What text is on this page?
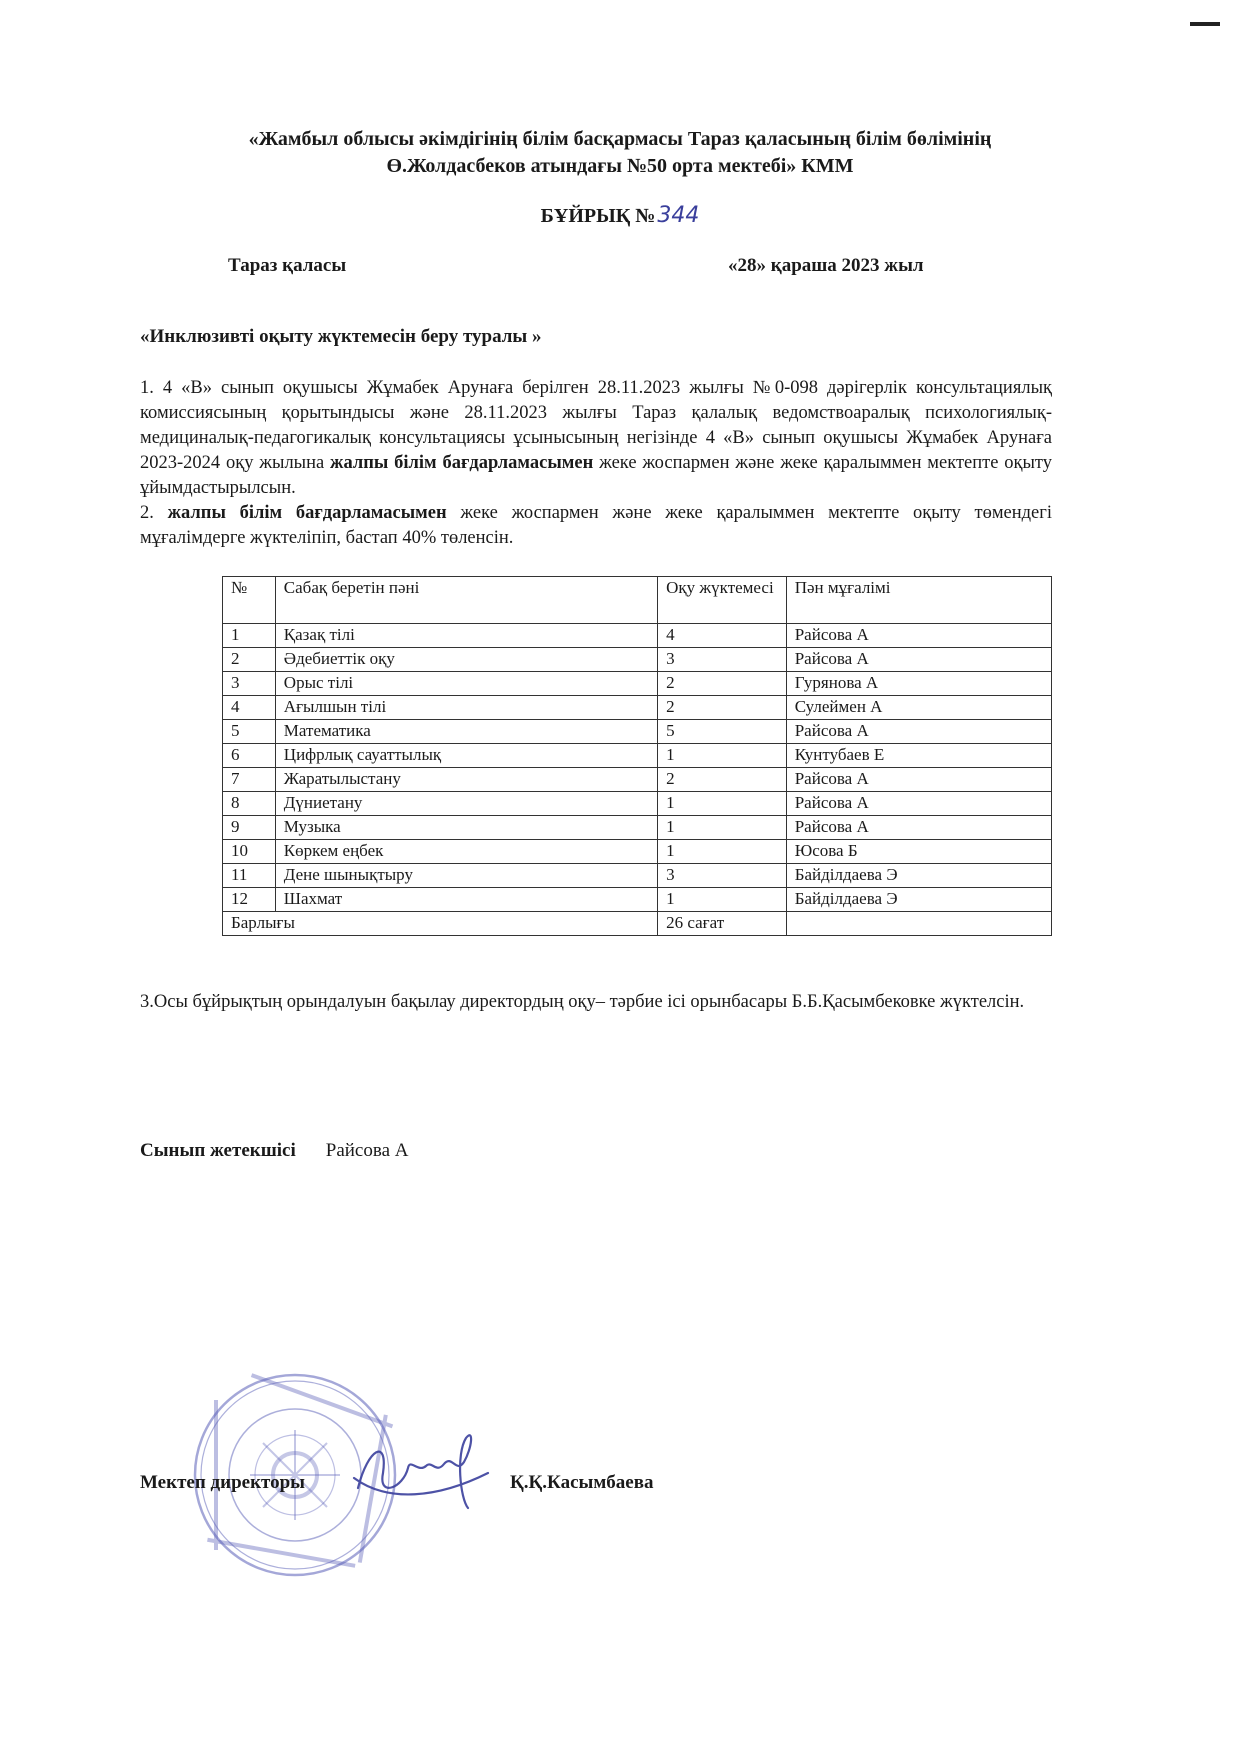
«Жамбыл облысы әкімдігінің білім басқармасы Тараз қаласының білім бөлімінің
Ө.Жолдасбеков атындағы №50 орта мектебі» КММ
БҰЙРЫҚ №344
Тараз қаласы	«28» қараша 2023 жыл
«Инклюзивті оқыту жүктемесін беру туралы »

1. 4 «В» сынып оқушысы Жұмабек Арунаға берілген 28.11.2023 жылғы №0-098 дәрігерлік консультациялық комиссиясының қорытындысы және 28.11.2023 жылғы Тараз қалалық ведомствоаралық психологиялық-медициналық-педагогикалық консультациясы ұсынысының негізінде 4 «В» сынып оқушысы Жұмабек Арунаға 2023-2024 оқу жылына жалпы білім бағдарламасымен жеке жоспармен және жеке қаралыммен мектепте оқыту ұйымдастырылсын.

2. жалпы білім бағдарламасымен жеке жоспармен және жеке қаралыммен мектепте оқыту төмендегі мұғалімдерге жүктеліпіп, бастап 40% төленсін.

№	Сабақ беретін пәні	Оқу жүктемесі	Пән мұғалімі
1	Қазақ тілі	4	Райсова А
2	Әдебиеттік оқу	3	Райсова А
3	Орыс тілі	2	Гурянова А
4	Ағылшын тілі	2	Сулеймен А
5	Математика	5	Райсова А
6	Цифрлық сауаттылық	1	Кунтубаев Е
7	Жаратылыстану	2	Райсова А
8	Дүниетану	1	Райсова А
9	Музыка	1	Райсова А
10	Көркем еңбек	1	Юсова Б
11	Дене шынықтыру	3	Байділдаева Э
12	Шахмат	1	Байділдаева Э
Барлығы		26 сағат	
3.Осы бұйрықтың орындалуын бақылау директордың оқу– тәрбие ісі орынбасары Б.Б.Қасымбековке жүктелсін.
Сынып жетекшісі Райсова А
Мектеп директоры	Қ.Қ.Касымбаева
